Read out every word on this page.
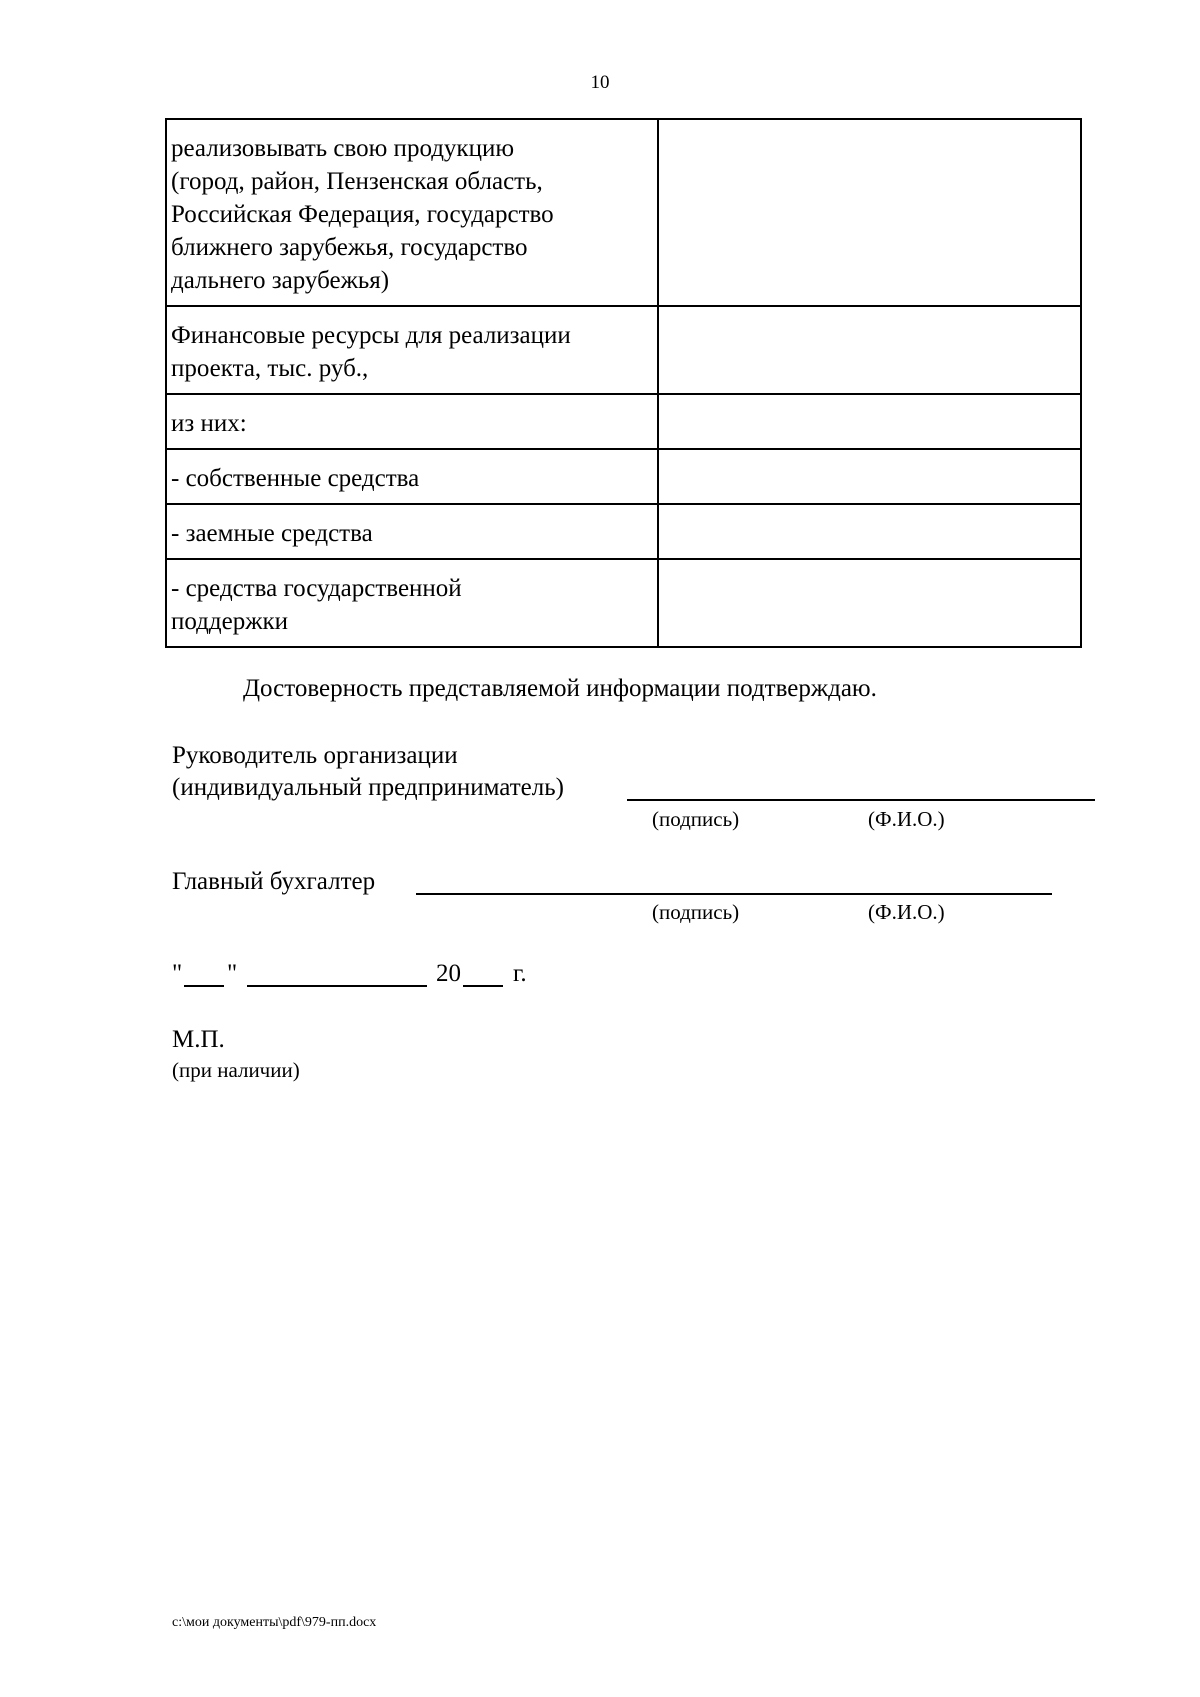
10
реализовывать свою продукцию
(город, район, Пензенская область,
Российская Федерация, государство
ближнего зарубежья, государство
дальнего зарубежья)	

Финансовые ресурсы для реализации
проекта, тыс. руб.,	

из них:	

- собственные средства	

- заемные средства	

- средства государственной
поддержки	

Достоверность представляемой информации подтверждаю.
Руководитель организации
(индивидуальный предприниматель)
(подпись)	(Ф.И.О.)
Главный бухгалтер
(подпись)	(Ф.И.О.)
" "	20 г.
М.П.
(при наличии)
c:\мои документы\pdf\979-пп.docx
